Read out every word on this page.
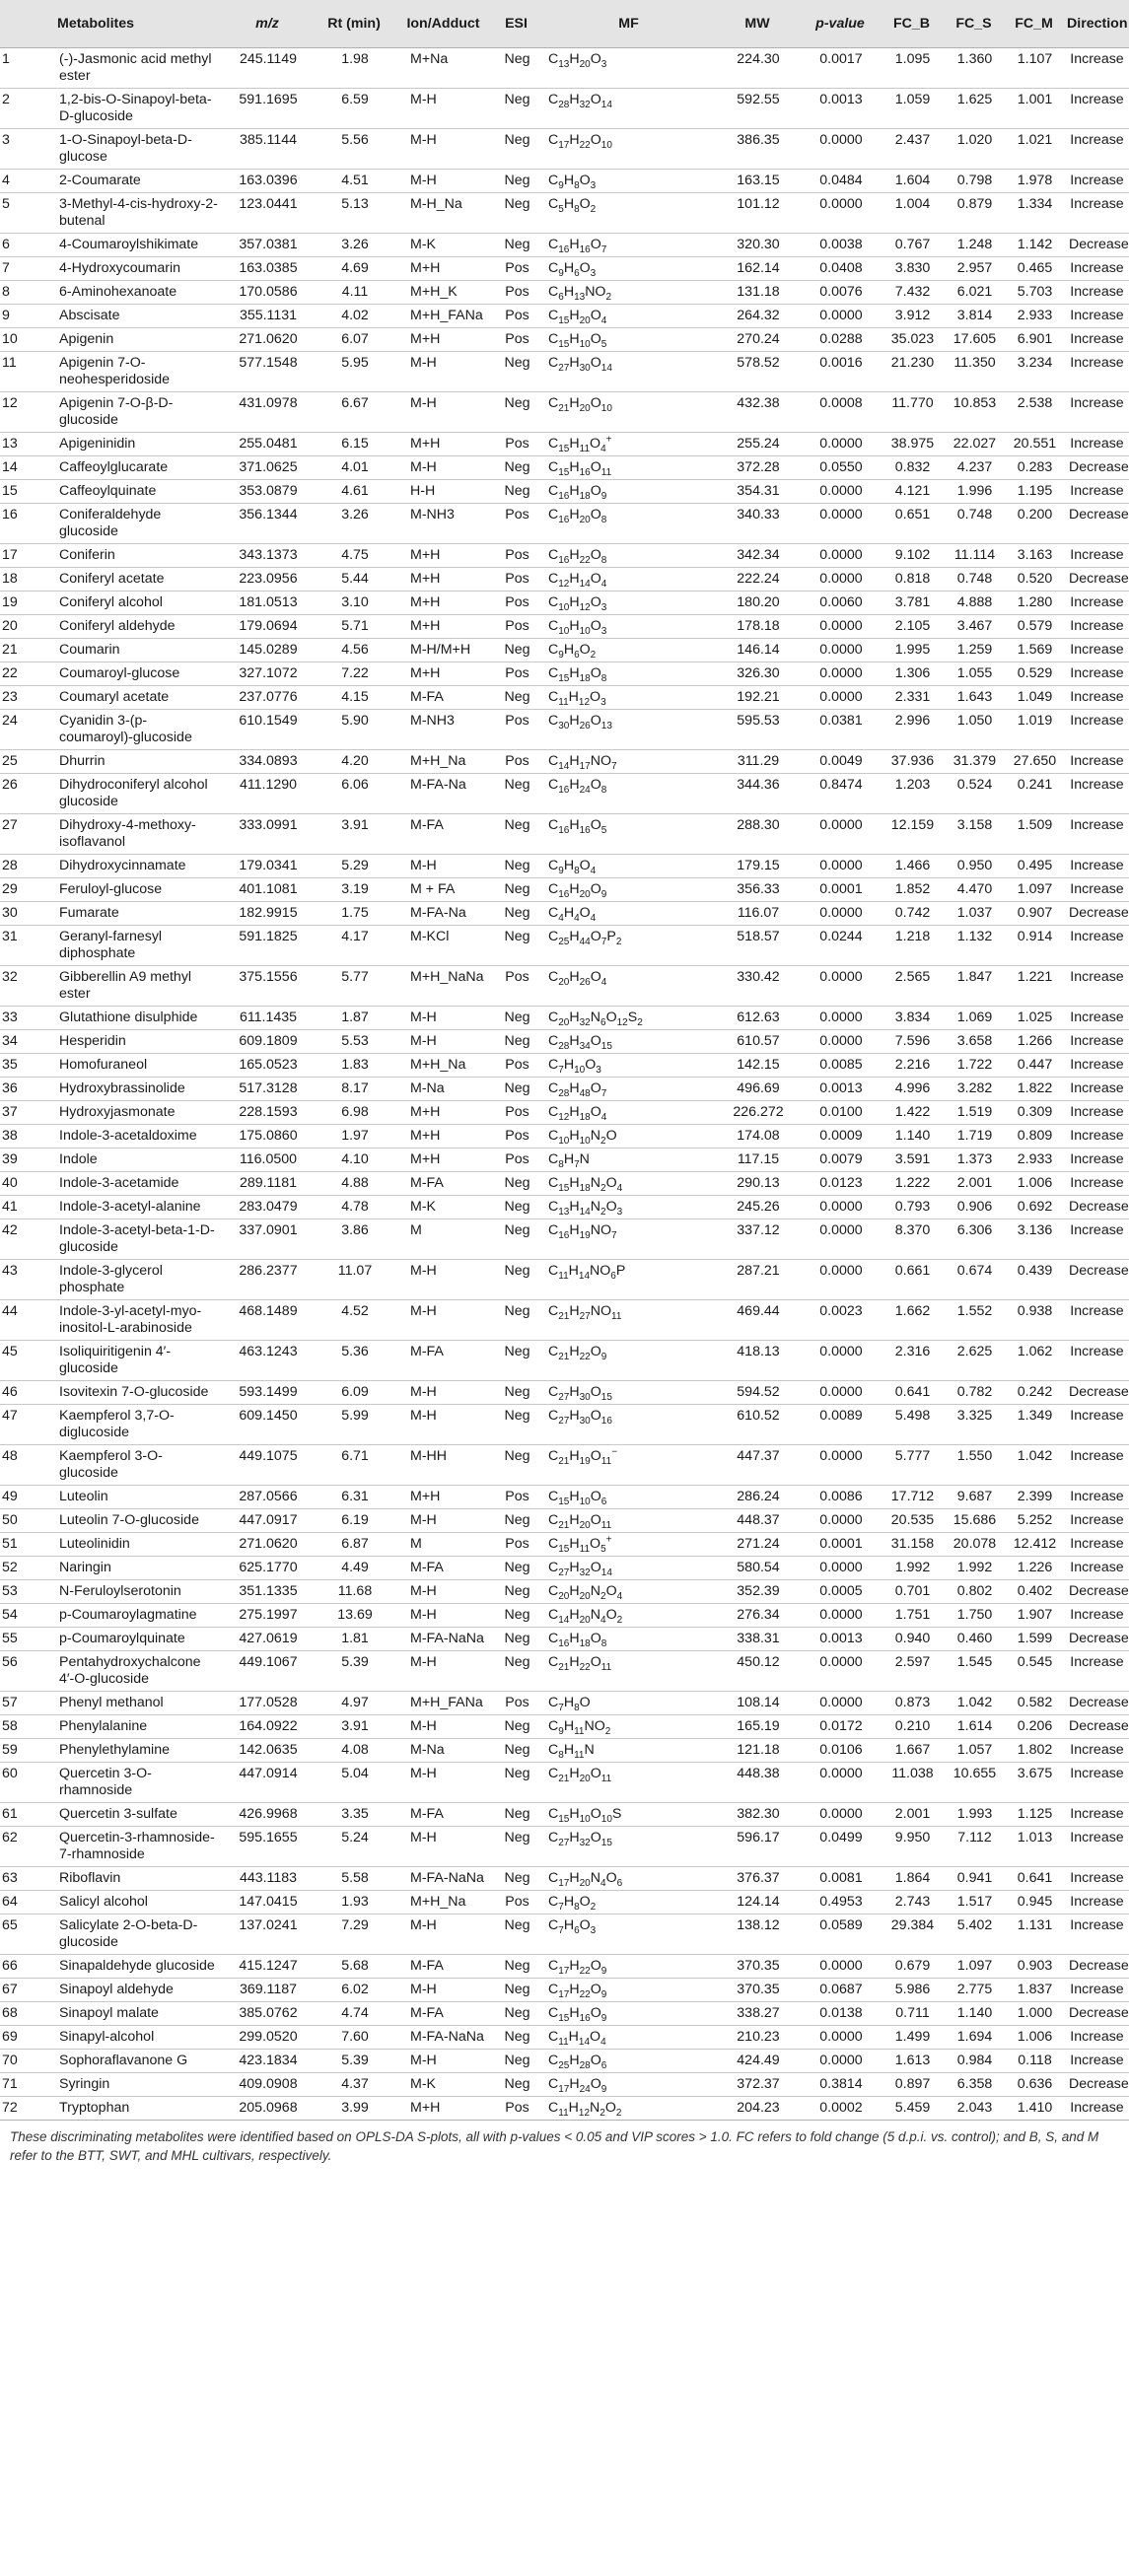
	Metabolites	m/z	Rt (min)	Ion/Adduct	ESI	MF	MW	p-value	FC_B	FC_S	FC_M	Direction
1	(-)-Jasmonic acid methyl ester	245.1149	1.98	M+Na	Neg	$C_{13}H_{20}O_3$	224.30	0.0017	1.095	1.360	1.107	Increase
2	1,2-bis-O-Sinapoyl-beta-D-glucoside	591.1695	6.59	M-H	Neg	$C_{28}H_{32}O_{14}$	592.55	0.0013	1.059	1.625	1.001	Increase
3	1-O-Sinapoyl-beta-D-glucose	385.1144	5.56	M-H	Neg	$C_{17}H_{22}O_{10}$	386.35	0.0000	2.437	1.020	1.021	Increase
4	2-Coumarate	163.0396	4.51	M-H	Neg	$C_9H_8O_3$	163.15	0.0484	1.604	0.798	1.978	Increase
5	3-Methyl-4-cis-hydroxy-2-butenal	123.0441	5.13	M-H_Na	Neg	$C_5H_8O_2$	101.12	0.0000	1.004	0.879	1.334	Increase
6	4-Coumaroylshikimate	357.0381	3.26	M-K	Neg	$C_{16}H_{16}O_7$	320.30	0.0038	0.767	1.248	1.142	Decrease
7	4-Hydroxycoumarin	163.0385	4.69	M+H	Pos	$C_9H_6O_3$	162.14	0.0408	3.830	2.957	0.465	Increase
8	6-Aminohexanoate	170.0586	4.11	M+H_K	Pos	$C_6H_{13}NO_2$	131.18	0.0076	7.432	6.021	5.703	Increase
9	Abscisate	355.1131	4.02	M+H_FANa	Pos	$C_{15}H_{20}O_4$	264.32	0.0000	3.912	3.814	2.933	Increase
10	Apigenin	271.0620	6.07	M+H	Pos	$C_{15}H_{10}O_5$	270.24	0.0288	35.023	17.605	6.901	Increase
11	Apigenin 7-O-neohesperidoside	577.1548	5.95	M-H	Neg	$C_{27}H_{30}O_{14}$	578.52	0.0016	21.230	11.350	3.234	Increase
12	Apigenin 7-O-β-D-glucoside	431.0978	6.67	M-H	Neg	$C_{21}H_{20}O_{10}$	432.38	0.0008	11.770	10.853	2.538	Increase
13	Apigeninidin	255.0481	6.15	M+H	Pos	$C_{15}H_{11}O_4^+$	255.24	0.0000	38.975	22.027	20.551	Increase
14	Caffeoylglucarate	371.0625	4.01	M-H	Neg	$C_{15}H_{16}O_{11}$	372.28	0.0550	0.832	4.237	0.283	Decrease
15	Caffeoylquinate	353.0879	4.61	H-H	Neg	$C_{16}H_{18}O_9$	354.31	0.0000	4.121	1.996	1.195	Increase
16	Coniferaldehyde glucoside	356.1344	3.26	M-NH3	Pos	$C_{16}H_{20}O_8$	340.33	0.0000	0.651	0.748	0.200	Decrease
17	Coniferin	343.1373	4.75	M+H	Pos	$C_{16}H_{22}O_8$	342.34	0.0000	9.102	11.114	3.163	Increase
18	Coniferyl acetate	223.0956	5.44	M+H	Pos	$C_{12}H_{14}O_4$	222.24	0.0000	0.818	0.748	0.520	Decrease
19	Coniferyl alcohol	181.0513	3.10	M+H	Pos	$C_{10}H_{12}O_3$	180.20	0.0060	3.781	4.888	1.280	Increase
20	Coniferyl aldehyde	179.0694	5.71	M+H	Pos	$C_{10}H_{10}O_3$	178.18	0.0000	2.105	3.467	0.579	Increase
21	Coumarin	145.0289	4.56	M-H/M+H	Neg	$C_9H_6O_2$	146.14	0.0000	1.995	1.259	1.569	Increase
22	Coumaroyl-glucose	327.1072	7.22	M+H	Pos	$C_{15}H_{18}O_8$	326.30	0.0000	1.306	1.055	0.529	Increase
23	Coumaryl acetate	237.0776	4.15	M-FA	Neg	$C_{11}H_{12}O_3$	192.21	0.0000	2.331	1.643	1.049	Increase
24	Cyanidin 3-(p-coumaroyl)-glucoside	610.1549	5.90	M-NH3	Pos	$C_{30}H_{26}O_{13}$	595.53	0.0381	2.996	1.050	1.019	Increase
25	Dhurrin	334.0893	4.20	M+H_Na	Pos	$C_{14}H_{17}NO_7$	311.29	0.0049	37.936	31.379	27.650	Increase
26	Dihydroconiferyl alcohol glucoside	411.1290	6.06	M-FA-Na	Neg	$C_{16}H_{24}O_8$	344.36	0.8474	1.203	0.524	0.241	Increase
27	Dihydroxy-4-methoxy-isoflavanol	333.0991	3.91	M-FA	Neg	$C_{16}H_{16}O_5$	288.30	0.0000	12.159	3.158	1.509	Increase
28	Dihydroxycinnamate	179.0341	5.29	M-H	Neg	$C_9H_8O_4$	179.15	0.0000	1.466	0.950	0.495	Increase
29	Feruloyl-glucose	401.1081	3.19	M + FA	Neg	$C_{16}H_{20}O_9$	356.33	0.0001	1.852	4.470	1.097	Increase
30	Fumarate	182.9915	1.75	M-FA-Na	Neg	$C_4H_4O_4$	116.07	0.0000	0.742	1.037	0.907	Decrease
31	Geranyl-farnesyl diphosphate	591.1825	4.17	M-KCl	Neg	$C_{25}H_{44}O_7P_2$	518.57	0.0244	1.218	1.132	0.914	Increase
32	Gibberellin A9 methyl ester	375.1556	5.77	M+H_NaNa	Pos	$C_{20}H_{26}O_4$	330.42	0.0000	2.565	1.847	1.221	Increase
33	Glutathione disulphide	611.1435	1.87	M-H	Neg	$C_{20}H_{32}N_6O_{12}S_2$	612.63	0.0000	3.834	1.069	1.025	Increase
34	Hesperidin	609.1809	5.53	M-H	Neg	$C_{28}H_{34}O_{15}$	610.57	0.0000	7.596	3.658	1.266	Increase
35	Homofuraneol	165.0523	1.83	M+H_Na	Pos	$C_7H_{10}O_3$	142.15	0.0085	2.216	1.722	0.447	Increase
36	Hydroxybrassinolide	517.3128	8.17	M-Na	Neg	$C_{28}H_{48}O_7$	496.69	0.0013	4.996	3.282	1.822	Increase
37	Hydroxyjasmonate	228.1593	6.98	M+H	Pos	$C_{12}H_{18}O_4$	226.272	0.0100	1.422	1.519	0.309	Increase
38	Indole-3-acetaldoxime	175.0860	1.97	M+H	Pos	$C_{10}H_{10}N_2O$	174.08	0.0009	1.140	1.719	0.809	Increase
39	Indole	116.0500	4.10	M+H	Pos	$C_8H_7N$	117.15	0.0079	3.591	1.373	2.933	Increase
40	Indole-3-acetamide	289.1181	4.88	M-FA	Neg	$C_{15}H_{18}N_2O_4$	290.13	0.0123	1.222	2.001	1.006	Increase
41	Indole-3-acetyl-alanine	283.0479	4.78	M-K	Neg	$C_{13}H_{14}N_2O_3$	245.26	0.0000	0.793	0.906	0.692	Decrease
42	Indole-3-acetyl-beta-1-D-glucoside	337.0901	3.86	M	Neg	$C_{16}H_{19}NO_7$	337.12	0.0000	8.370	6.306	3.136	Increase
43	Indole-3-glycerol phosphate	286.2377	11.07	M-H	Neg	$C_{11}H_{14}NO_6P$	287.21	0.0000	0.661	0.674	0.439	Decrease
44	Indole-3-yl-acetyl-myo-inositol-L-arabinoside	468.1489	4.52	M-H	Neg	$C_{21}H_{27}NO_{11}$	469.44	0.0023	1.662	1.552	0.938	Increase
45	Isoliquiritigenin 4′-glucoside	463.1243	5.36	M-FA	Neg	$C_{21}H_{22}O_9$	418.13	0.0000	2.316	2.625	1.062	Increase
46	Isovitexin 7-O-glucoside	593.1499	6.09	M-H	Neg	$C_{27}H_{30}O_{15}$	594.52	0.0000	0.641	0.782	0.242	Decrease
47	Kaempferol 3,7-O-diglucoside	609.1450	5.99	M-H	Neg	$C_{27}H_{30}O_{16}$	610.52	0.0089	5.498	3.325	1.349	Increase
48	Kaempferol 3-O-glucoside	449.1075	6.71	M-HH	Neg	$C_{21}H_{19}O_{11}^-$	447.37	0.0000	5.777	1.550	1.042	Increase
49	Luteolin	287.0566	6.31	M+H	Pos	$C_{15}H_{10}O_6$	286.24	0.0086	17.712	9.687	2.399	Increase
50	Luteolin 7-O-glucoside	447.0917	6.19	M-H	Neg	$C_{21}H_{20}O_{11}$	448.37	0.0000	20.535	15.686	5.252	Increase
51	Luteolinidin	271.0620	6.87	M	Pos	$C_{15}H_{11}O_5^+$	271.24	0.0001	31.158	20.078	12.412	Increase
52	Naringin	625.1770	4.49	M-FA	Neg	$C_{27}H_{32}O_{14}$	580.54	0.0000	1.992	1.992	1.226	Increase
53	N-Feruloylserotonin	351.1335	11.68	M-H	Neg	$C_{20}H_{20}N_2O_4$	352.39	0.0005	0.701	0.802	0.402	Decrease
54	p-Coumaroylagmatine	275.1997	13.69	M-H	Neg	$C_{14}H_{20}N_4O_2$	276.34	0.0000	1.751	1.750	1.907	Increase
55	p-Coumaroylquinate	427.0619	1.81	M-FA-NaNa	Neg	$C_{16}H_{18}O_8$	338.31	0.0013	0.940	0.460	1.599	Decrease
56	Pentahydroxychalcone 4′-O-glucoside	449.1067	5.39	M-H	Neg	$C_{21}H_{22}O_{11}$	450.12	0.0000	2.597	1.545	0.545	Increase
57	Phenyl methanol	177.0528	4.97	M+H_FANa	Pos	$C_7H_8O$	108.14	0.0000	0.873	1.042	0.582	Decrease
58	Phenylalanine	164.0922	3.91	M-H	Neg	$C_9H_{11}NO_2$	165.19	0.0172	0.210	1.614	0.206	Decrease
59	Phenylethylamine	142.0635	4.08	M-Na	Neg	$C_8H_{11}N$	121.18	0.0106	1.667	1.057	1.802	Increase
60	Quercetin 3-O-rhamnoside	447.0914	5.04	M-H	Neg	$C_{21}H_{20}O_{11}$	448.38	0.0000	11.038	10.655	3.675	Increase
61	Quercetin 3-sulfate	426.9968	3.35	M-FA	Neg	$C_{15}H_{10}O_{10}S$	382.30	0.0000	2.001	1.993	1.125	Increase
62	Quercetin-3-rhamnoside-7-rhamnoside	595.1655	5.24	M-H	Neg	$C_{27}H_{32}O_{15}$	596.17	0.0499	9.950	7.112	1.013	Increase
63	Riboflavin	443.1183	5.58	M-FA-NaNa	Neg	$C_{17}H_{20}N_4O_6$	376.37	0.0081	1.864	0.941	0.641	Increase
64	Salicyl alcohol	147.0415	1.93	M+H_Na	Pos	$C_7H_8O_2$	124.14	0.4953	2.743	1.517	0.945	Increase
65	Salicylate 2-O-beta-D-glucoside	137.0241	7.29	M-H	Neg	$C_7H_6O_3$	138.12	0.0589	29.384	5.402	1.131	Increase
66	Sinapaldehyde glucoside	415.1247	5.68	M-FA	Neg	$C_{17}H_{22}O_9$	370.35	0.0000	0.679	1.097	0.903	Decrease
67	Sinapoyl aldehyde	369.1187	6.02	M-H	Neg	$C_{17}H_{22}O_9$	370.35	0.0687	5.986	2.775	1.837	Increase
68	Sinapoyl malate	385.0762	4.74	M-FA	Neg	$C_{15}H_{16}O_9$	338.27	0.0138	0.711	1.140	1.000	Decrease
69	Sinapyl-alcohol	299.0520	7.60	M-FA-NaNa	Neg	$C_{11}H_{14}O_4$	210.23	0.0000	1.499	1.694	1.006	Increase
70	Sophoraflavanone G	423.1834	5.39	M-H	Neg	$C_{25}H_{28}O_6$	424.49	0.0000	1.613	0.984	0.118	Increase
71	Syringin	409.0908	4.37	M-K	Neg	$C_{17}H_{24}O_9$	372.37	0.3814	0.897	6.358	0.636	Decrease
72	Tryptophan	205.0968	3.99	M+H	Pos	$C_{11}H_{12}N_2O_2$	204.23	0.0002	5.459	2.043	1.410	Increase
These discriminating metabolites were identified based on OPLS-DA S-plots, all with p-values < 0.05 and VIP scores > 1.0. FC refers to fold change (5 d.p.i. vs. control); and B, S, and M refer to the BTT, SWT, and MHL cultivars, respectively.
